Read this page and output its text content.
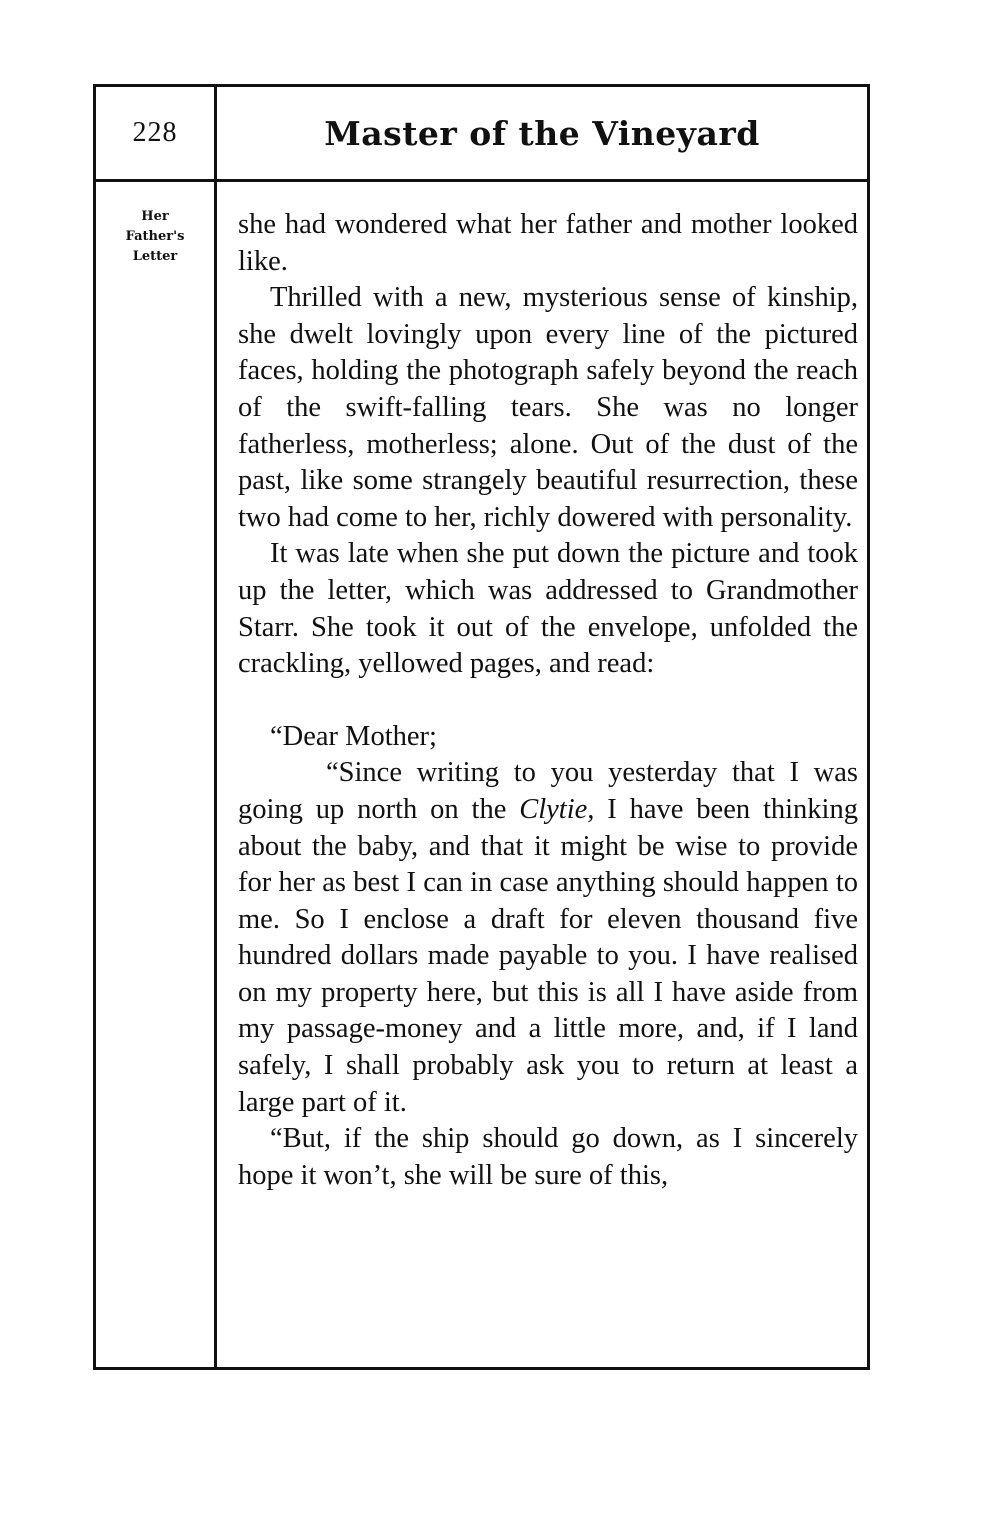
228	Master of the Vineyard
Her
Father's
Letter

she had wondered what her father and mother looked like.

Thrilled with a new, mysterious sense of kinship, she dwelt lovingly upon every line of the pictured faces, holding the photograph safely beyond the reach of the swift-falling tears. She was no longer fatherless, motherless; alone. Out of the dust of the past, like some strangely beautiful resurrection, these two had come to her, richly dowered with personality.

It was late when she put down the picture and took up the letter, which was addressed to Grandmother Starr. She took it out of the envelope, unfolded the crackling, yellowed pages, and read:

“Dear Mother;

“Since writing to you yesterday that I was going up north on the Clytie, I have been thinking about the baby, and that it might be wise to provide for her as best I can in case anything should happen to me. So I enclose a draft for eleven thousand five hundred dollars made payable to you. I have realised on my property here, but this is all I have aside from my passage-money and a little more, and, if I land safely, I shall probably ask you to return at least a large part of it.

“But, if the ship should go down, as I sincerely hope it won’t, she will be sure of this,
